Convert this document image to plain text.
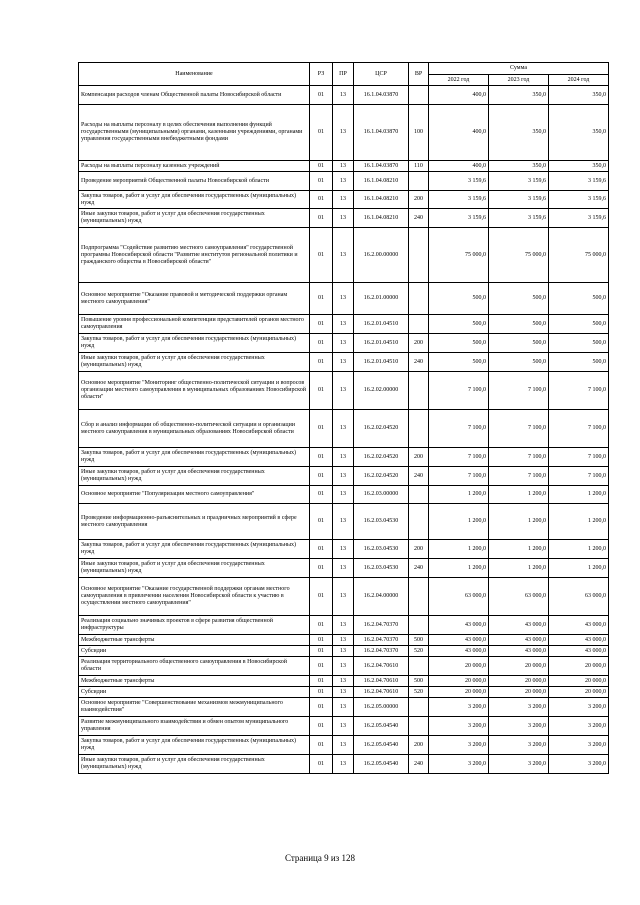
Наименование	РЗ	ПР	ЦСР	ВР	Сумма		
					2022 год	2023 год	2024 год
Компенсация расходов членам Общественной палаты Новосибирской области	01	13	16.1.04.03870		400,0	350,0	350,0
Расходы на выплаты персоналу в целях обеспечения выполнения функций государственными (муниципальными) органами, казенными учреждениями, органами управления государственными внебюджетными фондами	01	13	16.1.04.03870	100	400,0	350,0	350,0
Расходы на выплаты персоналу казенных учреждений	01	13	16.1.04.03870	110	400,0	350,0	350,0
Проведение мероприятий Общественной палаты Новосибирской области	01	13	16.1.04.08210		3 159,6	3 159,6	3 159,6
Закупка товаров, работ и услуг для обеспечения государственных (муниципальных) нужд	01	13	16.1.04.08210	200	3 159,6	3 159,6	3 159,6
Иные закупки товаров, работ и услуг для обеспечения государственных (муниципальных) нужд	01	13	16.1.04.08210	240	3 159,6	3 159,6	3 159,6
Подпрограмма "Содействие развитию местного самоуправления" государственной программы Новосибирской области "Развитие институтов региональной политики и гражданского общества в Новосибирской области"	01	13	16.2.00.00000		75 000,0	75 000,0	75 000,0
Основное мероприятие "Оказание правовой и методической поддержки органам местного самоуправления"	01	13	16.2.01.00000		500,0	500,0	500,0
Повышение уровня профессиональной компетенции представителей органов местного самоуправления	01	13	16.2.01.04510		500,0	500,0	500,0
Закупка товаров, работ и услуг для обеспечения государственных (муниципальных) нужд	01	13	16.2.01.04510	200	500,0	500,0	500,0
Иные закупки товаров, работ и услуг для обеспечения государственных (муниципальных) нужд	01	13	16.2.01.04510	240	500,0	500,0	500,0
Основное мероприятие "Мониторинг общественно-политической ситуации и вопросов организации местного самоуправления в муниципальных образованиях Новосибирской области"	01	13	16.2.02.00000		7 100,0	7 100,0	7 100,0
Сбор и анализ информации об общественно-политической ситуации и организации местного самоуправления в муниципальных образованиях Новосибирской области	01	13	16.2.02.04520		7 100,0	7 100,0	7 100,0
Закупка товаров, работ и услуг для обеспечения государственных (муниципальных) нужд	01	13	16.2.02.04520	200	7 100,0	7 100,0	7 100,0
Иные закупки товаров, работ и услуг для обеспечения государственных (муниципальных) нужд	01	13	16.2.02.04520	240	7 100,0	7 100,0	7 100,0
Основное мероприятие "Популяризация местного самоуправления"	01	13	16.2.03.00000		1 200,0	1 200,0	1 200,0
Проведение информационно-разъяснительных и праздничных мероприятий в сфере местного самоуправления	01	13	16.2.03.04530		1 200,0	1 200,0	1 200,0
Закупка товаров, работ и услуг для обеспечения государственных (муниципальных) нужд	01	13	16.2.03.04530	200	1 200,0	1 200,0	1 200,0
Иные закупки товаров, работ и услуг для обеспечения государственных (муниципальных) нужд	01	13	16.2.03.04530	240	1 200,0	1 200,0	1 200,0
Основное мероприятие "Оказание государственной поддержки органам местного самоуправления в привлечении населения Новосибирской области к участию в осуществлении местного самоуправления"	01	13	16.2.04.00000		63 000,0	63 000,0	63 000,0
Реализация социально значимых проектов в сфере развития общественной инфраструктуры	01	13	16.2.04.70370		43 000,0	43 000,0	43 000,0
Межбюджетные трансферты	01	13	16.2.04.70370	500	43 000,0	43 000,0	43 000,0
Субсидии	01	13	16.2.04.70370	520	43 000,0	43 000,0	43 000,0
Реализация территориального общественного самоуправления в Новосибирской области	01	13	16.2.04.70610		20 000,0	20 000,0	20 000,0
Межбюджетные трансферты	01	13	16.2.04.70610	500	20 000,0	20 000,0	20 000,0
Субсидии	01	13	16.2.04.70610	520	20 000,0	20 000,0	20 000,0
Основное мероприятие "Совершенствование механизмов межмуниципального взаимодействия"	01	13	16.2.05.00000		3 200,0	3 200,0	3 200,0
Развитие межмуниципального взаимодействия и обмен опытом муниципального управления	01	13	16.2.05.04540		3 200,0	3 200,0	3 200,0
Закупка товаров, работ и услуг для обеспечения государственных (муниципальных) нужд	01	13	16.2.05.04540	200	3 200,0	3 200,0	3 200,0
Иные закупки товаров, работ и услуг для обеспечения государственных (муниципальных) нужд	01	13	16.2.05.04540	240	3 200,0	3 200,0	3 200,0
Страница 9 из 128
